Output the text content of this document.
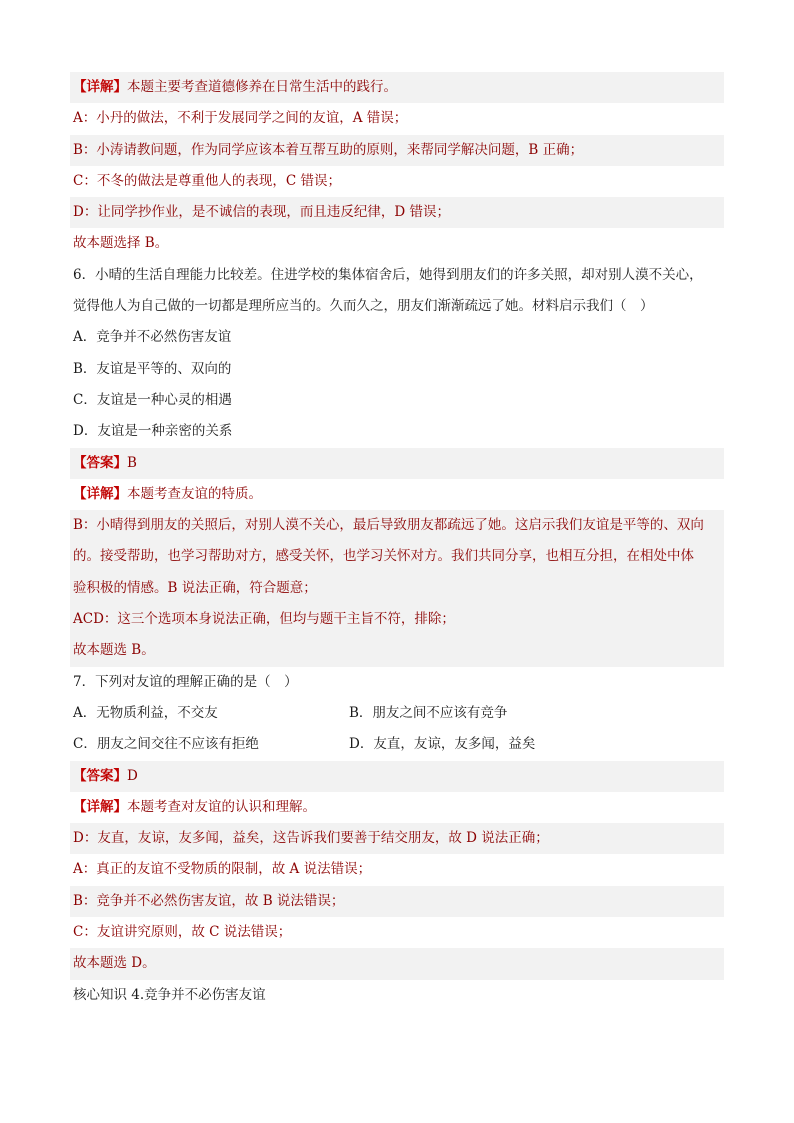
【详解】本题主要考查道德修养在日常生活中的践行。
A：小丹的做法，不利于发展同学之间的友谊，A 错误；
B：小涛请教问题，作为同学应该本着互帮互助的原则，来帮同学解决问题，B 正确；
C：不冬的做法是尊重他人的表现，C 错误；
D：让同学抄作业，是不诚信的表现，而且违反纪律，D 错误；
故本题选择 B。
6．小晴的生活自理能力比较差。住进学校的集体宿舍后，她得到朋友们的许多关照，却对别人漠不关心，
觉得他人为自己做的一切都是理所应当的。久而久之，朋友们渐渐疏远了她。材料启示我们（　）
A．竞争并不必然伤害友谊
B．友谊是平等的、双向的
C．友谊是一种心灵的相遇
D．友谊是一种亲密的关系
【答案】B
【详解】本题考查友谊的特质。
B：小晴得到朋友的关照后，对别人漠不关心，最后导致朋友都疏远了她。这启示我们友谊是平等的、双向
的。接受帮助，也学习帮助对方，感受关怀，也学习关怀对方。我们共同分享，也相互分担，在相处中体
验积极的情感。B 说法正确，符合题意；
ACD：这三个选项本身说法正确，但均与题干主旨不符，排除；
故本题选 B。
7．下列对友谊的理解正确的是（　）
A．无物质利益，不交友	B．朋友之间不应该有竞争
C．朋友之间交往不应该有拒绝	D．友直，友谅，友多闻，益矣
【答案】D
【详解】本题考查对友谊的认识和理解。
D：友直，友谅，友多闻，益矣，这告诉我们要善于结交朋友，故 D 说法正确；
A：真正的友谊不受物质的限制，故 A 说法错误；
B：竞争并不必然伤害友谊，故 B 说法错误；
C：友谊讲究原则，故 C 说法错误；
故本题选 D。
核心知识 4.竞争并不必伤害友谊
